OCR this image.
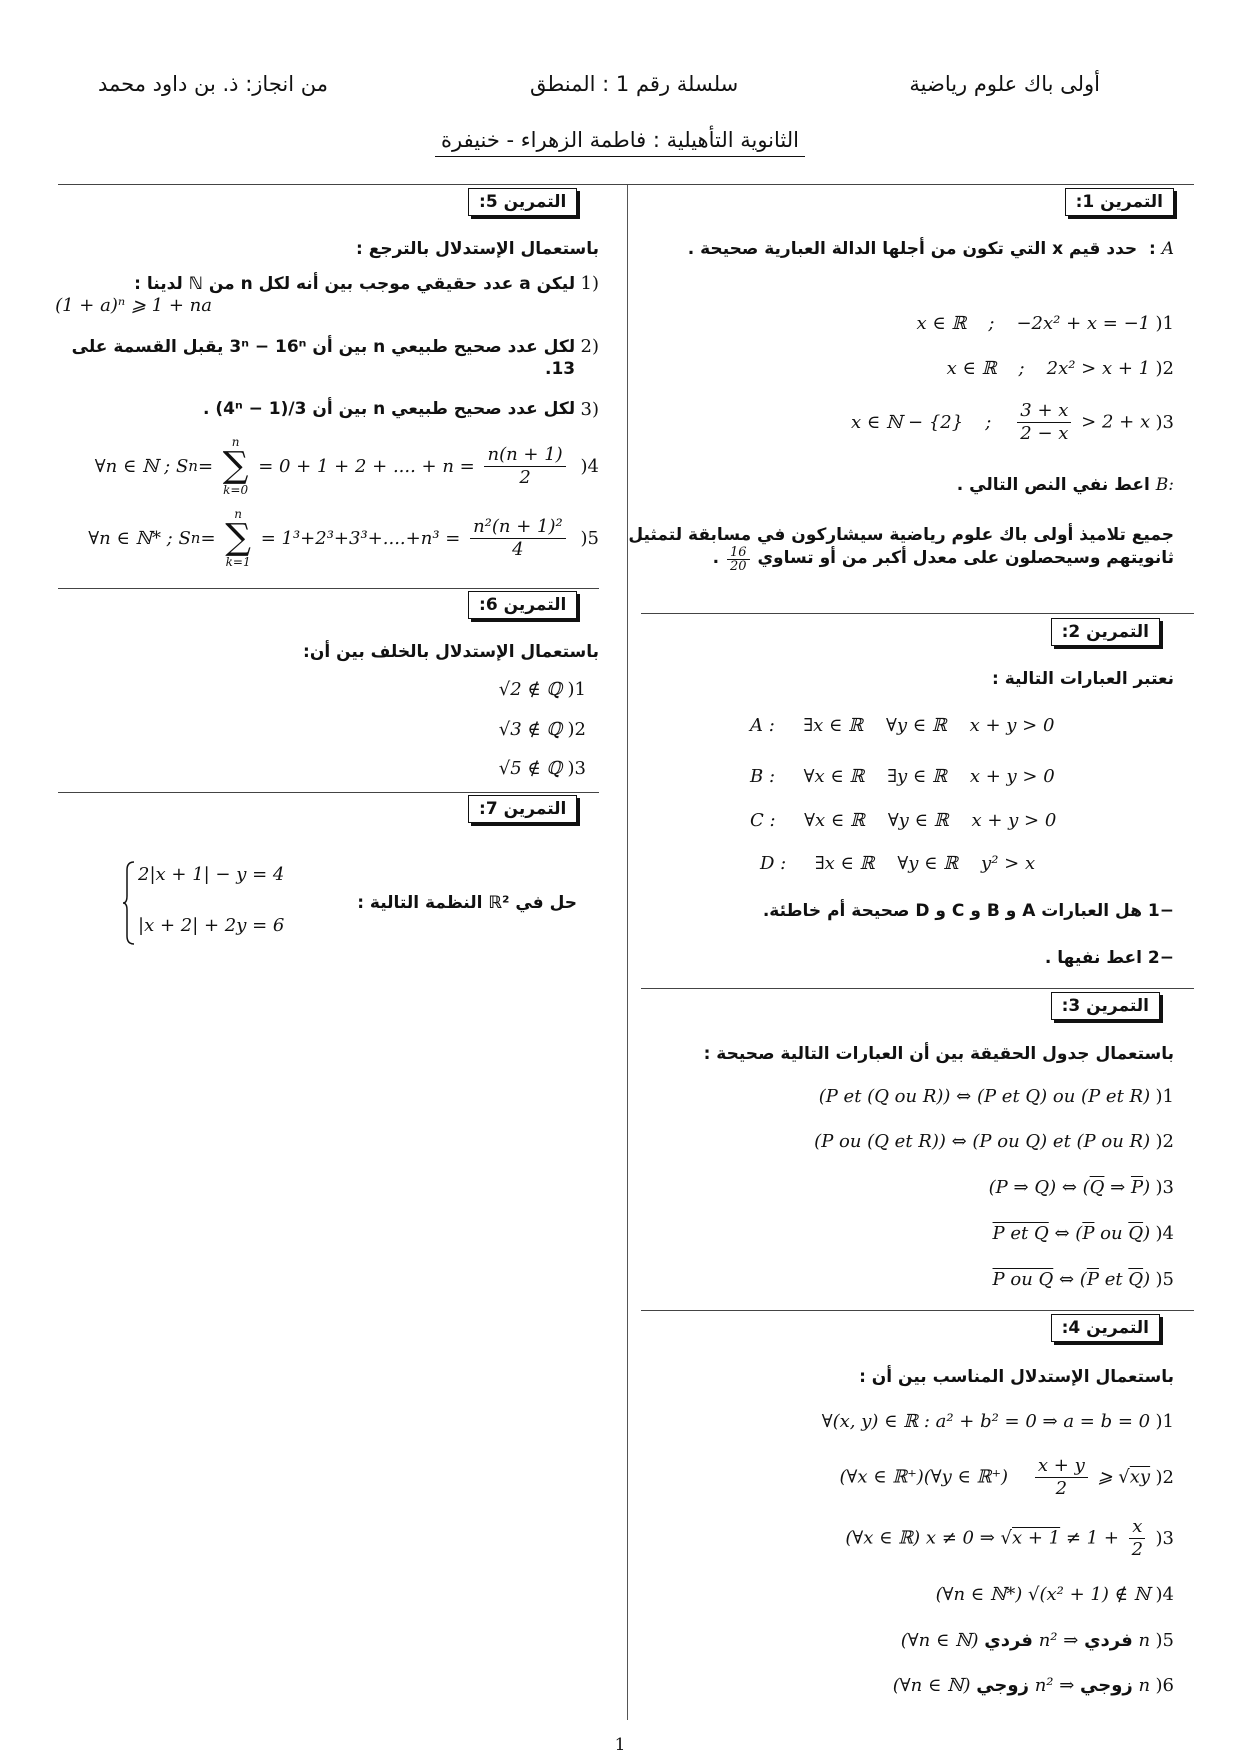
أولى باك علوم رياضية
سلسلة رقم 1 : المنطق
من انجاز: ذ. بن داود محمد
الثانوية التأهيلية : فاطمة الزهراء - خنيفرة
التمرين 1:
A :  حدد قيم x التي تكون من أجلها الدالة العبارية صحيحة .
1
)

−2x² + x = −1
;
x ∈ ℝ
2
)

2x² > x + 1
;
x ∈ ℝ
3
)

$\frac{3 + x}{2 - x} > 2 + x$
;
x ∈ ℕ − {2}
B: اعط نفي النص التالي .
جميع تلاميذ أولى باك علوم رياضية سيشاركون في مسابقة لتمثيل ثانويتهم وسيحصلون على معدل أكبر من أو تساوي
$\frac{16}{20}$
.
التمرين 2:
نعتبر العبارات التالية :
A : ∃x ∈ ℝ ∀y ∈ ℝ x + y > 0
B : ∀x ∈ ℝ ∃y ∈ ℝ x + y > 0
C : ∀x ∈ ℝ ∀y ∈ ℝ x + y > 0
D : ∃x ∈ ℝ ∀y ∈ ℝ y² > x
−1 هل العبارات A و B و C و D صحيحة أم خاطئة.
−2 اعط نفيها .
التمرين 3:
باستعمال جدول الحقيقة بين أن العبارات التالية صحيحة :
1
)

(P et (Q ou R)) ⇔ (P et Q) ou (P et R)
2
)

(P ou (Q et R)) ⇔ (P ou Q) et (P ou R)
3
)

(P ⇒ Q) ⇔ ($\overline{Q}$ ⇒ $\overline{P}$)
4
)

P et Q ⇔ ($\overline{P}$ ou $\overline{Q}$)
5
)

P ou Q ⇔ ($\overline{P}$ et $\overline{Q}$)
التمرين 4:
باستعمال الإستدلال المناسب بين أن :
1
)

∀(x, y) ∈ ℝ : a² + b² = 0 ⇒ a = b = 0
2
)

(∀x ∈ ℝ⁺)(∀y ∈ ℝ⁺) $\frac{x + y}{2}$ ⩾ √xy
3
)

(∀x ∈ ℝ) x ≠ 0 ⇒ $√x + 1 \ne 1 + \frac{x}{2}$
4
)

(∀n ∈ ℕ*) √(x² + 1) ∉ ℕ
5
)

(∀n ∈ ℕ) فردي n² ⇒ فردي n
6
)

(∀n ∈ ℕ) زوجي n² ⇒ زوجي n
التمرين 5:
باستعمال الإستدلال بالترجع :
1)

ليكن a عدد حقيقي موجب بين أنه لكل n من ℕ لدينا :
(1 + a)ⁿ ⩾ 1 + na
2)

لكل عدد صحيح طبيعي n بين أن 3ⁿ − 16ⁿ يقبل القسمة على 13.
3)

لكل عدد صحيح طبيعي n بين أن 3/(4ⁿ − 1) .
4
)

∀n ∈ ℕ ; S n =
n
∑
k=0
= 0 + 1 + 2 + .... + $n = \frac{n(n + 1)}{2}$
5
)

∀n ∈ ℕ* ; S n =
n
∑
k=1
= $1^3+2^3+3^3+....+n^3 = \frac{\text{n²(n + 1)²}}{4}$
التمرين 6:
باستعمال الإستدلال بالخلف بين أن:
1
)

√2 ∉ ℚ
2
)

√3 ∉ ℚ
3
)

√5 ∉ ℚ
التمرين 7:
حل في ℝ² النظمة التالية :
2|x + 1| − y = 4
|x + 2| + 2y = 6
1
